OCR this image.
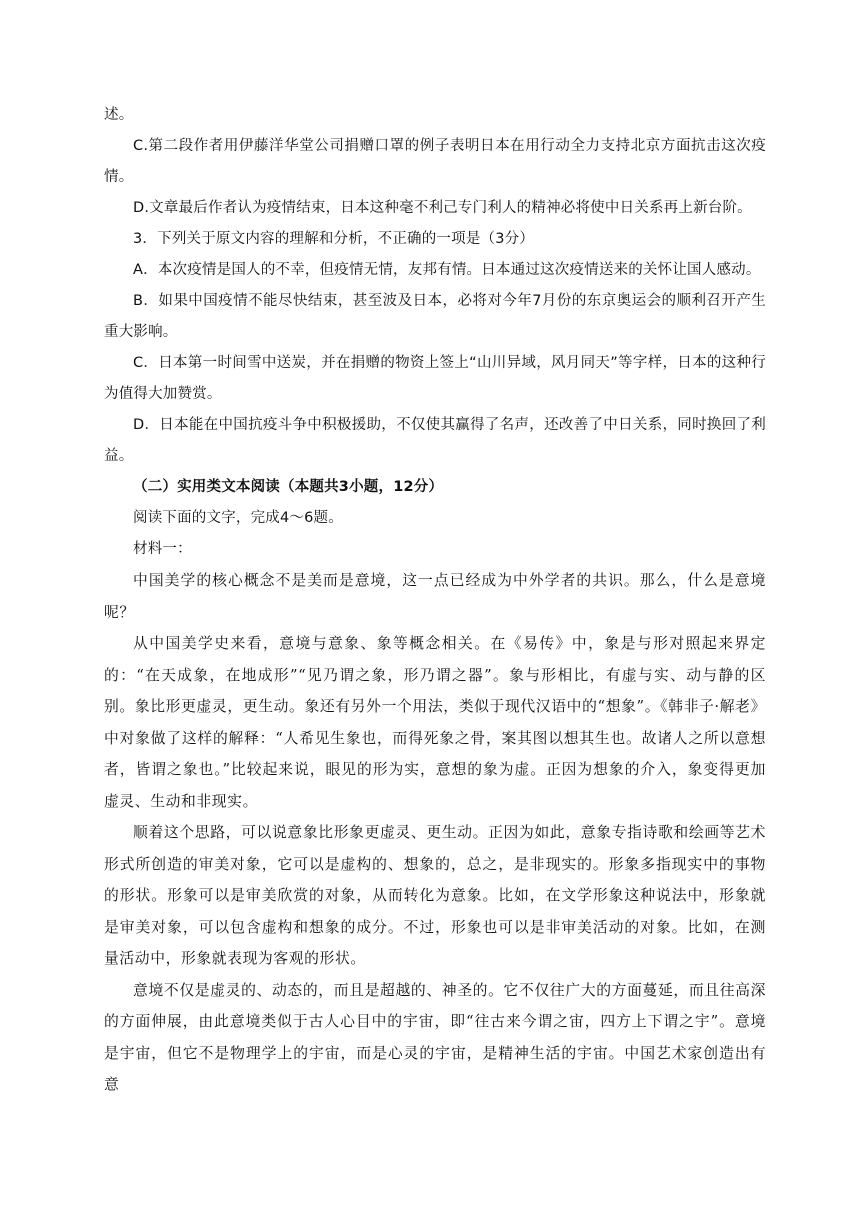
述。

C.第二段作者用伊藤洋华堂公司捐赠口罩的例子表明日本在用行动全力支持北京方面抗击这次疫情。

D.文章最后作者认为疫情结束，日本这种毫不利己专门利人的精神必将使中日关系再上新台阶。

3．下列关于原文内容的理解和分析，不正确的一项是（3分）

A．本次疫情是国人的不幸，但疫情无情，友邦有情。日本通过这次疫情送来的关怀让国人感动。

B．如果中国疫情不能尽快结束，甚至波及日本，必将对今年7月份的东京奥运会的顺利召开产生重大影响。

C．日本第一时间雪中送炭，并在捐赠的物资上签上“山川异域，风月同天”等字样，日本的这种行为值得大加赞赏。

D．日本能在中国抗疫斗争中积极援助，不仅使其赢得了名声，还改善了中日关系，同时换回了利益。

（二）实用类文本阅读（本题共3小题，12分）

阅读下面的文字，完成4～6题。

材料一：

中国美学的核心概念不是美而是意境，这一点已经成为中外学者的共识。那么，什么是意境呢？

从中国美学史来看，意境与意象、象等概念相关。在《易传》中，象是与形对照起来界定的：“在天成象，在地成形”“见乃谓之象，形乃谓之器”。象与形相比，有虚与实、动与静的区别。象比形更虚灵，更生动。象还有另外一个用法，类似于现代汉语中的“想象”。《韩非子·解老》中对象做了这样的解释：“人希见生象也，而得死象之骨，案其图以想其生也。故诸人之所以意想者，皆谓之象也。”比较起来说，眼见的形为实，意想的象为虚。正因为想象的介入，象变得更加虚灵、生动和非现实。

顺着这个思路，可以说意象比形象更虚灵、更生动。正因为如此，意象专指诗歌和绘画等艺术形式所创造的审美对象，它可以是虚构的、想象的，总之，是非现实的。形象多指现实中的事物的形状。形象可以是审美欣赏的对象，从而转化为意象。比如，在文学形象这种说法中，形象就是审美对象，可以包含虚构和想象的成分。不过，形象也可以是非审美活动的对象。比如，在测量活动中，形象就表现为客观的形状。

意境不仅是虚灵的、动态的，而且是超越的、神圣的。它不仅往广大的方面蔓延，而且往高深的方面伸展，由此意境类似于古人心目中的宇宙，即“往古来今谓之宙，四方上下谓之宇”。意境是宇宙，但它不是物理学上的宇宙，而是心灵的宇宙，是精神生活的宇宙。中国艺术家创造出有意
